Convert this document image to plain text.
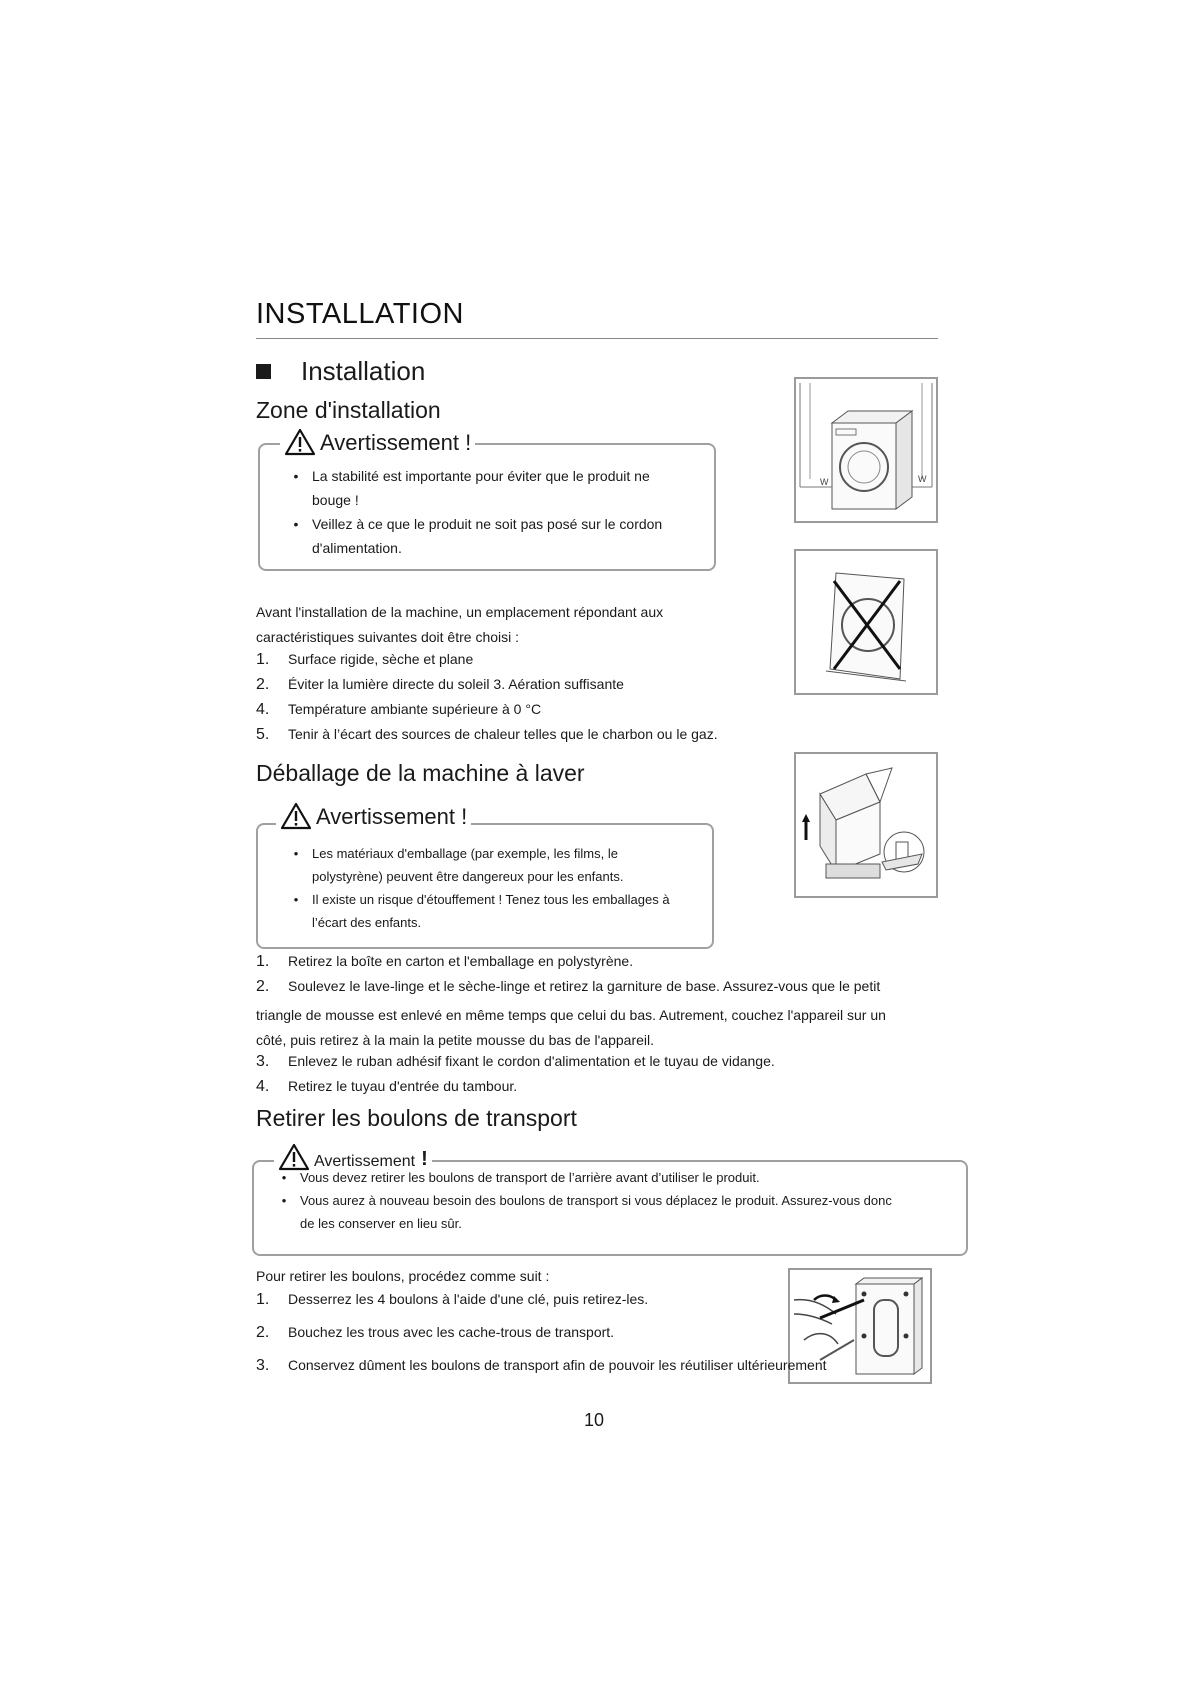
INSTALLATION
Installation
Zone d'installation
Avertissement !
• La stabilité est importante pour éviter que le produit ne
bouge !
• Veillez à ce que le produit ne soit pas posé sur le cordon
d'alimentation.
Avant l'installation de la machine, un emplacement répondant aux
caractéristiques suivantes doit être choisi :
1.	Surface rigide, sèche et plane
2.	Éviter la lumière directe du soleil 3. Aération suffisante
4.	Température ambiante supérieure à 0 °C
5.	Tenir à l’écart des sources de chaleur telles que le charbon ou le gaz.
W	W
Déballage de la machine à laver
Avertissement !
•	Les matériaux d'emballage (par exemple, les films, le
polystyrène) peuvent être dangereux pour les enfants.
•	Il existe un risque d'étouffement ! Tenez tous les emballages à
l’écart des enfants.
1.	Retirez la boîte en carton et l'emballage en polystyrène.
2.	Soulevez le lave-linge et le sèche-linge et retirez la garniture de base. Assurez-vous que le petit
triangle de mousse est enlevé en même temps que celui du bas. Autrement, couchez l'appareil sur un
côté, puis retirez à la main la petite mousse du bas de l'appareil.
3.	Enlevez le ruban adhésif fixant le cordon d'alimentation et le tuyau de vidange.
4.	Retirez le tuyau d'entrée du tambour.
Retirer les boulons de transport
Avertissement !
•	Vous devez retirer les boulons de transport de l’arrière avant d’utiliser le produit.
•	Vous aurez à nouveau besoin des boulons de transport si vous déplacez le produit. Assurez-vous donc
de les conserver en lieu sûr.
Pour retirer les boulons, procédez comme suit :
1.	Desserrez les 4 boulons à l'aide d'une clé, puis retirez-les.
2.	Bouchez les trous avec les cache-trous de transport.
3.	Conservez dûment les boulons de transport afin de pouvoir les réutiliser ultérieurement
10
